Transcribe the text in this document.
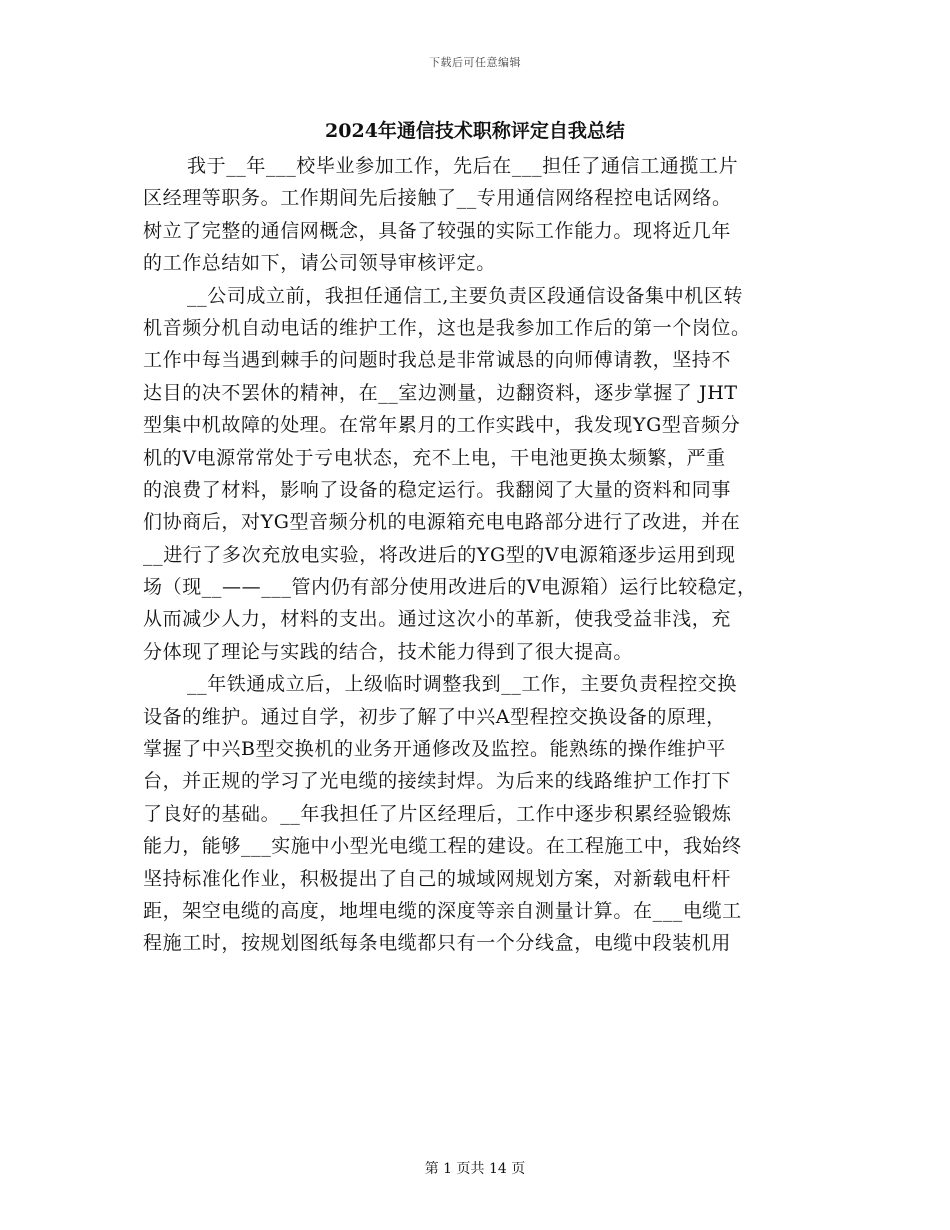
下载后可任意编辑
2024年通信技术职称评定自我总结
我于__年___校毕业参加工作，先后在___担任了通信工通揽工片
区经理等职务。工作期间先后接触了__专用通信网络程控电话网络。
树立了完整的通信网概念，具备了较强的实际工作能力。现将近几年
的工作总结如下，请公司领导审核评定。
__公司成立前，我担任通信工,主要负责区段通信设备集中机区转
机音频分机自动电话的维护工作，这也是我参加工作后的第一个岗位。
工作中每当遇到棘手的问题时我总是非常诚恳的向师傅请教，坚持不
达目的决不罢休的精神，在__室边测量，边翻资料，逐步掌握了 JHT
型集中机故障的处理。在常年累月的工作实践中，我发现YG型音频分
机的V电源常常处于亏电状态，充不上电，干电池更换太频繁，严重
的浪费了材料，影响了设备的稳定运行。我翻阅了大量的资料和同事
们协商后，对YG型音频分机的电源箱充电电路部分进行了改进，并在
__进行了多次充放电实验，将改进后的YG型的V电源箱逐步运用到现
场（现__——___管内仍有部分使用改进后的V电源箱）运行比较稳定，
从而减少人力，材料的支出。通过这次小的革新，使我受益非浅，充
分体现了理论与实践的结合，技术能力得到了很大提高。
__年铁通成立后，上级临时调整我到__工作，主要负责程控交换
设备的维护。通过自学，初步了解了中兴A型程控交换设备的原理，
掌握了中兴B型交换机的业务开通修改及监控。能熟练的操作维护平
台，并正规的学习了光电缆的接续封焊。为后来的线路维护工作打下
了良好的基础。__年我担任了片区经理后，工作中逐步积累经验锻炼
能力，能够___实施中小型光电缆工程的建设。在工程施工中，我始终
坚持标准化作业，积极提出了自己的城域网规划方案，对新载电杆杆
距，架空电缆的高度，地埋电缆的深度等亲自测量计算。在___电缆工
程施工时，按规划图纸每条电缆都只有一个分线盒，电缆中段装机用
第 1 页共 14 页
